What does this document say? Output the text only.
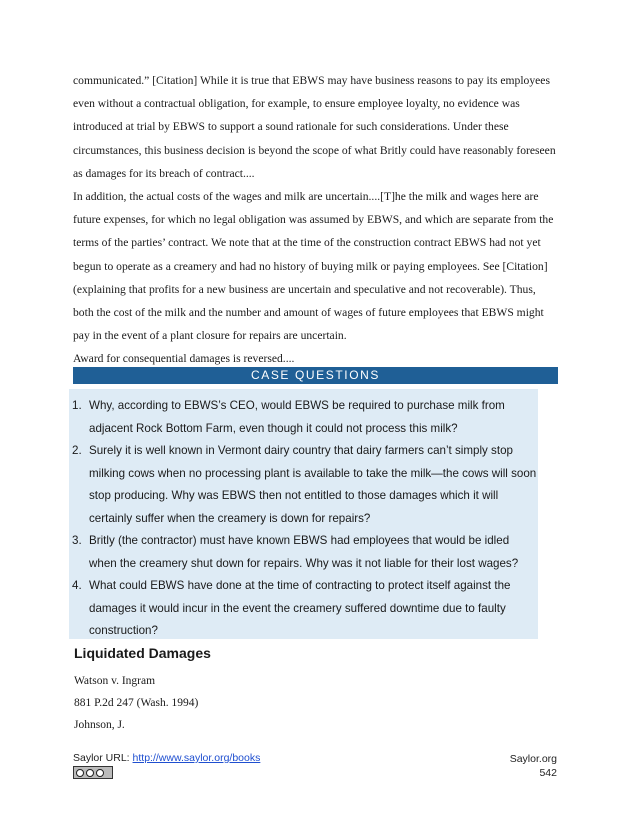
communicated.” [Citation] While it is true that EBWS may have business reasons to pay its employees even without a contractual obligation, for example, to ensure employee loyalty, no evidence was introduced at trial by EBWS to support a sound rationale for such considerations. Under these circumstances, this business decision is beyond the scope of what Britly could have reasonably foreseen as damages for its breach of contract....

In addition, the actual costs of the wages and milk are uncertain....[T]he the milk and wages here are future expenses, for which no legal obligation was assumed by EBWS, and which are separate from the terms of the parties’ contract. We note that at the time of the construction contract EBWS had not yet begun to operate as a creamery and had no history of buying milk or paying employees. See [Citation] (explaining that profits for a new business are uncertain and speculative and not recoverable). Thus, both the cost of the milk and the number and amount of wages of future employees that EBWS might pay in the event of a plant closure for repairs are uncertain.

Award for consequential damages is reversed....

CASE QUESTIONS
1. Why, according to EBWS’s CEO, would EBWS be required to purchase milk from adjacent Rock Bottom Farm, even though it could not process this milk?
2. Surely it is well known in Vermont dairy country that dairy farmers can’t simply stop milking cows when no processing plant is available to take the milk—the cows will soon stop producing. Why was EBWS then not entitled to those damages which it will certainly suffer when the creamery is down for repairs?
3. Britly (the contractor) must have known EBWS had employees that would be idled when the creamery shut down for repairs. Why was it not liable for their lost wages?
4. What could EBWS have done at the time of contracting to protect itself against the damages it would incur in the event the creamery suffered downtime due to faulty construction?
Liquidated Damages
Watson v. Ingram
881 P.2d 247 (Wash. 1994)
Johnson, J.
Saylor URL: http://www.saylor.org/books	Saylor.org
542
